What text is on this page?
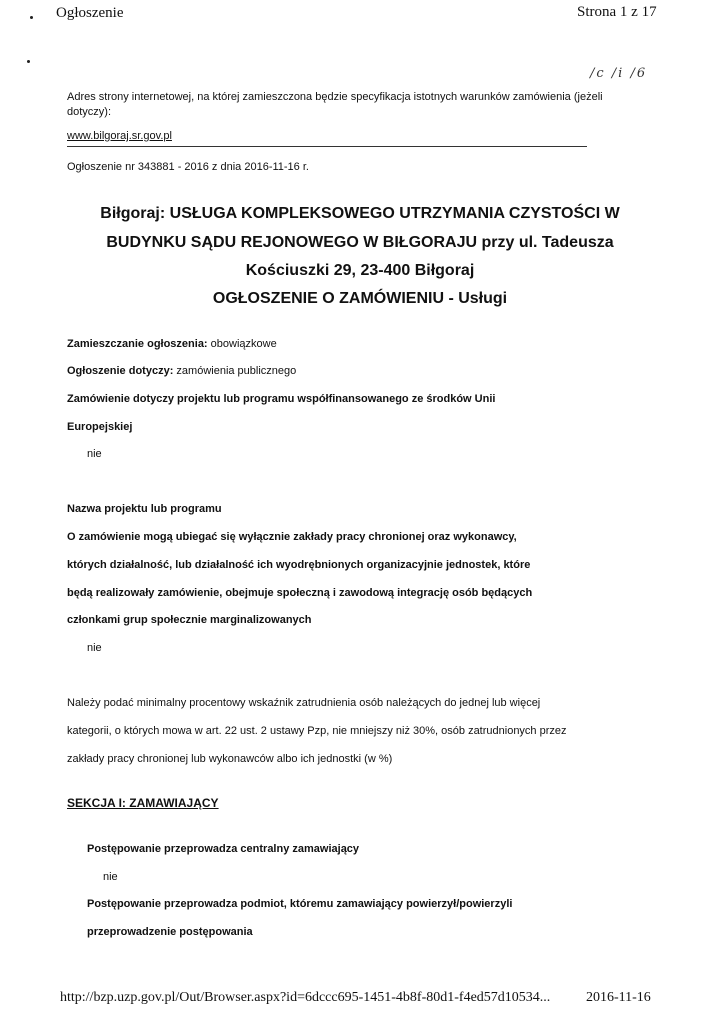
Ogłoszenie	Strona 1 z 17
/c /i /6
Adres strony internetowej, na której zamieszczona będzie specyfikacja istotnych warunków zamówienia (jeżeli dotyczy):
www.bilgoraj.sr.gov.pl
Ogłoszenie nr 343881 - 2016 z dnia 2016-11-16 r.
Biłgoraj: USŁUGA KOMPLEKSOWEGO UTRZYMANIA CZYSTOŚCI W
BUDYNKU SĄDU REJONOWEGO W BIŁGORAJU przy ul. Tadeusza
Kościuszki 29, 23-400 Biłgoraj
OGŁOSZENIE O ZAMÓWIENIU - Usługi
Zamieszczanie ogłoszenia: obowiązkowe
Ogłoszenie dotyczy: zamówienia publicznego
Zamówienie dotyczy projektu lub programu współfinansowanego ze środków Unii
Europejskiej
nie
Nazwa projektu lub programu
O zamówienie mogą ubiegać się wyłącznie zakłady pracy chronionej oraz wykonawcy,
których działalność, lub działalność ich wyodrębnionych organizacyjnie jednostek, które
będą realizowały zamówienie, obejmuje społeczną i zawodową integrację osób będących
członkami grup społecznie marginalizowanych
nie
Należy podać minimalny procentowy wskaźnik zatrudnienia osób należących do jednej lub więcej
kategorii, o których mowa w art. 22 ust. 2 ustawy Pzp, nie mniejszy niż 30%, osób zatrudnionych przez
zakłady pracy chronionej lub wykonawców albo ich jednostki (w %)
SEKCJA I: ZAMAWIAJĄCY
Postępowanie przeprowadza centralny zamawiający
nie
Postępowanie przeprowadza podmiot, któremu zamawiający powierzył/powierzyli
przeprowadzenie postępowania
http://bzp.uzp.gov.pl/Out/Browser.aspx?id=6dccc695-1451-4b8f-80d1-f4ed57d10534...	2016-11-16
